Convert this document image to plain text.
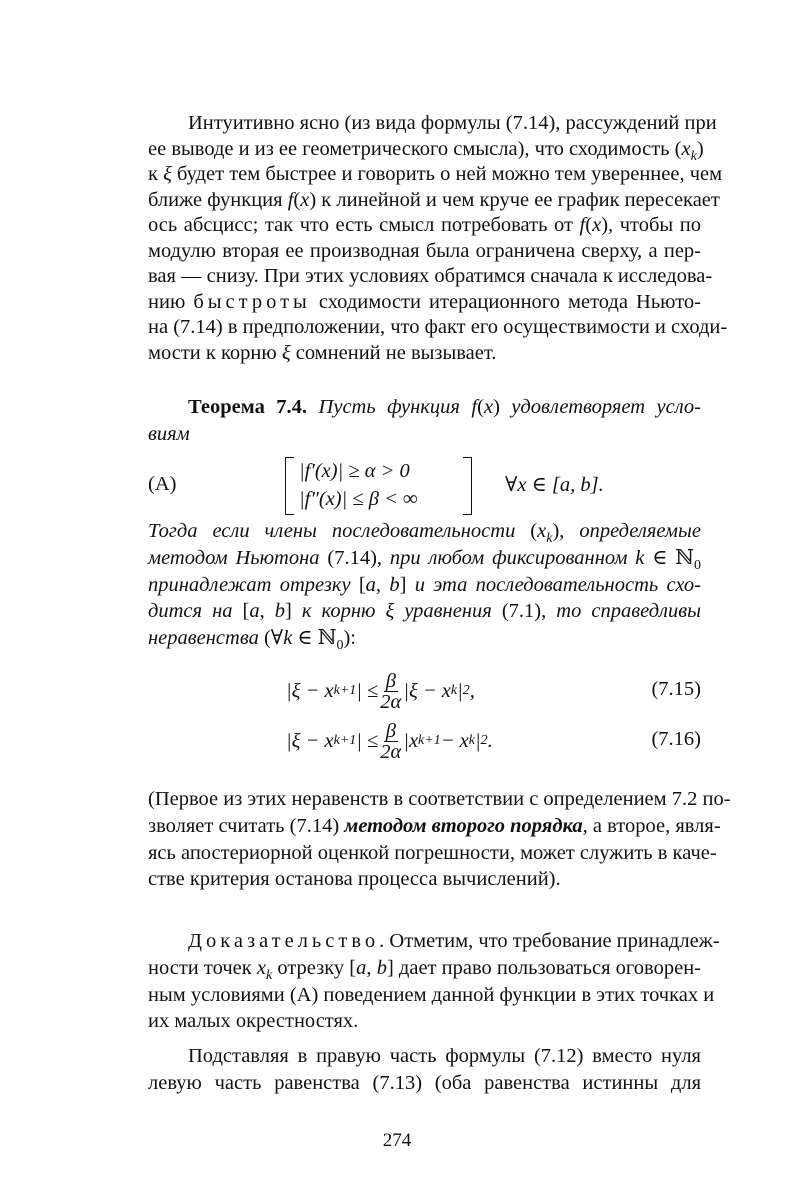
Интуитивно ясно (из вида формулы (7.14), рассуждений при
ее выводе и из ее геометрического смысла), что сходимость $(x_k)$
к ξ будет тем быстрее и говорить о ней можно тем увереннее, чем
ближе функция f(x) к линейной и чем круче ее график пересекает
ось абсцисс; так что есть смысл потребовать от f(x), чтобы по
модулю вторая ее производная была ограничена сверху, а пер-
вая — снизу. При этих условиях обратимся сначала к исследова-
нию быстроты сходимости итерационного метода Ньюто-
на (7.14) в предположении, что факт его осуществимости и сходи-
мости к корню ξ сомнений не вызывает.
Теорема 7.4. Пусть функция f(x) удовлетворяет усло-
виям
(A)
|f′(x)| ≥ α > 0
|f″(x)| ≤ β < ∞
∀x ∈ [a, b].
Тогда если члены последовательности $(x_k)$, определяемые
методом Ньютона (7.14), при любом фиксированном k ∈ ℕ$_0$
принадлежат отрезку [a, b] и эта последовательность схо-
дится на [a, b] к корню ξ уравнения (7.1), то справедливы
неравенства (∀k ∈ ℕ$_0$):
|ξ − x k+1 | ≤ $\frac{\beta}{2\alpha} |\xi - x$ k | 2 ,	(7.15)
|ξ − x k+1 | ≤ $\frac{\beta}{2\alpha} |x$ k+1 − x k | 2 .	(7.16)
(Первое из этих неравенств в соответствии с определением 7.2 по-
зволяет считать (7.14) методом второго порядка, а второе, явля-
ясь апостериорной оценкой погрешности, может служить в каче-
стве критерия останова процесса вычислений).
Доказательство. Отметим, что требование принадлеж-
ности точек $x_k$ отрезку [a, b] дает право пользоваться оговорен-
ным условиями (А) поведением данной функции в этих точках и
их малых окрестностях.
Подставляя в правую часть формулы (7.12) вместо нуля
левую часть равенства (7.13) (оба равенства истинны для
274
